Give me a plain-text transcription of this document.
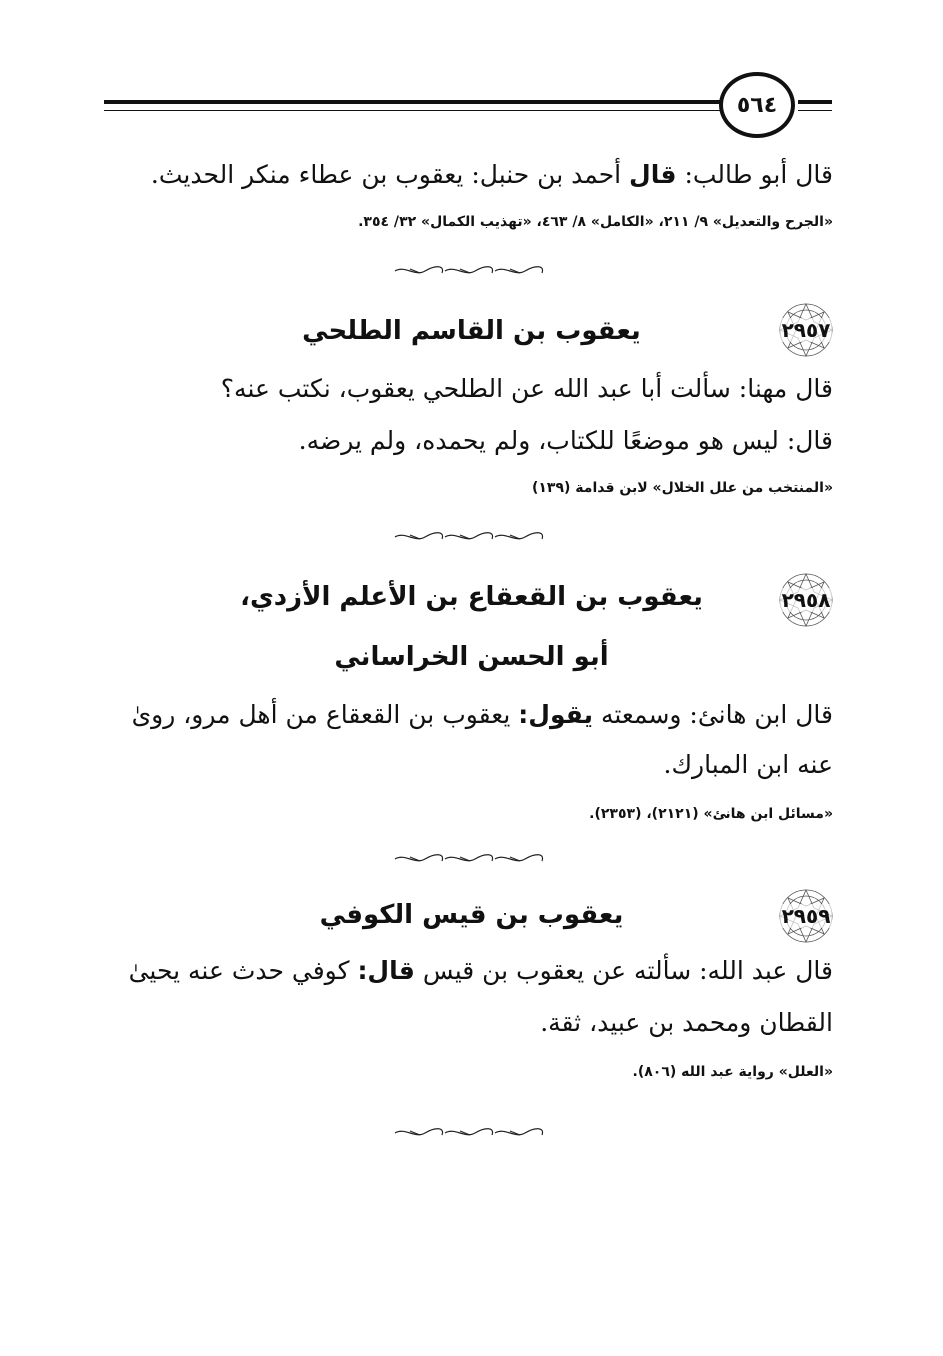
٥٦٤
قال أبو طالب: قال أحمد بن حنبل: يعقوب بن عطاء منكر الحديث.
«الجرح والتعديل» ٩/ ٢١١، «الكامل» ٨/ ٤٦٣، «تهذيب الكمال» ٣٢/ ٣٥٤.
٢٩٥٧
يعقوب بن القاسم الطلحي
قال مهنا: سألت أبا عبد الله عن الطلحي يعقوب، نكتب عنه؟
قال: ليس هو موضعًا للكتاب، ولم يحمده، ولم يرضه.
«المنتخب من علل الخلال» لابن قدامة (١٣٩)
٢٩٥٨
يعقوب بن القعقاع بن الأعلم الأزدي،
أبو الحسن الخراساني
قال ابن هانئ: وسمعته يقول: يعقوب بن القعقاع من أهل مرو، روىٰ
عنه ابن المبارك.
«مسائل ابن هانئ» (٢١٢١)، (٢٣٥٣).
٢٩٥٩
يعقوب بن قيس الكوفي
قال عبد الله: سألته عن يعقوب بن قيس قال: كوفي حدث عنه يحيىٰ
القطان ومحمد بن عبيد، ثقة.
«العلل» رواية عبد الله (٨٠٦).
